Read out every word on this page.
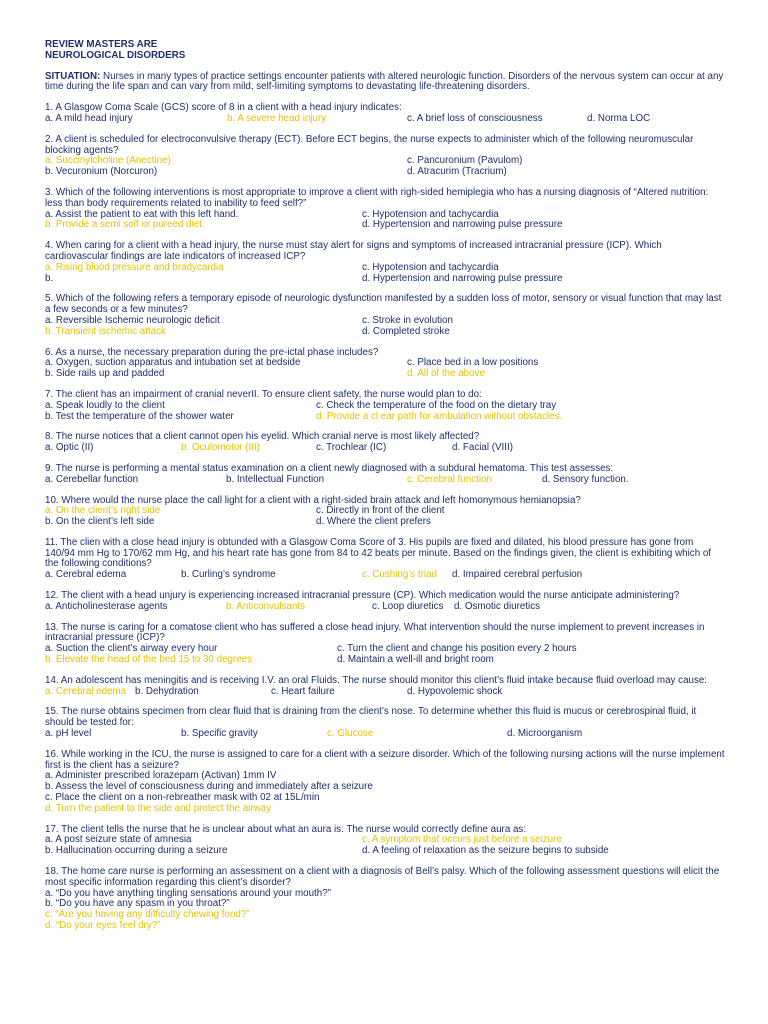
REVIEW MASTERS ARE
NEUROLOGICAL DISORDERS
SITUATION: Nurses in many types of practice settings encounter patients with altered neurologic function. Disorders of the nervous system can occur at any time during the life span and can vary from mild, self-limiting symptoms to devastating life-threatening disorders.
1. A Glasgow Coma Scale (GCS) score of 8 in a client with a head injury indicates:
a. A mild head injury	b. A severe head injury	c. A brief loss of consciousness	d. Norma LOC
2. A client is scheduled for electroconvulsive therapy (ECT). Before ECT begins, the nurse expects to administer which of the following neuromuscular blocking agents?
a. Succinylcholine (Anectine)	c. Pancuronium (Pavulom)
b. Vecuronium (Norcuron)	d. Atracurim (Tracrium)
3. Which of the following interventions is most appropriate to improve a client with righ-sided hemiplegia who has a nursing diagnosis of “Altered nutrition: less than body requirements related to inability to feed self?”
a. Assist the patient to eat with this left hand.	c. Hypotension and tachycardia
b. Provide a semi solf or pureed diet.	d. Hypertension and narrowing pulse pressure
4. When caring for a client with a head injury, the nurse must stay alert for signs and symptoms of increased intracranial pressure (ICP). Which cardiovascular findings are late indicators of increased ICP?
a. Rising blood pressure and bradycardia	c. Hypotension and tachycardia
b.	d. Hypertension and narrowing pulse pressure
5. Which of the following refers a temporary episode of neurologic dysfunction manifested by a sudden loss of motor, sensory or visual function that may last a few seconds or a few minutes?
a. Reversible Ischemic neurologic deficit	c. Stroke in evolution
b. Transient ischemic attack	d. Completed stroke
6. As a nurse, the necessary preparation during the pre-ictal phase includes?
a. Oxygen, suction apparatus and intubation set at bedside	c. Place bed in a low positions
b. Side rails up and padded	d. All of the above
7. The client has an impairment of cranial neverII. To ensure client safety, the nurse would plan to do:
a. Speak loudly to the client	c. Check the temperature of the food on the dietary tray
b. Test the temperature of the shower water	d. Provide a cl ear path for ambulation without obstacles.
8. The nurse notices that a client cannot open his eyelid. Which cranial nerve is most likely affected?
a. Optic (II)	b. Oculomotor (III)	c. Trochlear (IC)	d. Facial (VIII)
9. The nurse is performing a mental status examination on a client newly diagnosed with a subdural hematoma. This test assesses:
a. Cerebellar function	b. Intellectual Function	c. Cerebral function	d. Sensory function.
10. Where would the nurse place the call light for a client with a right-sided brain attack and left homonymous hemianopsia?
a. On the client’s right side	c. Directly in front of the client
b. On the client’s left side	d. Where the client prefers
11. The clien with a close head injury is obtunded with a Glasgow Coma Score of 3. His pupils are fixed and dilated, his blood pressure has gone from 140/94 mm Hg to 170/62 mm Hg, and his heart rate has gone from 84 to 42 beats per minute. Based on the findings given, the client is exhibiting which of the following conditions?
a. Cerebral edema	b. Curling’s syndrome	c. Cushing’s triad	d. Impaired cerebral perfusion
12. The client with a head unjury is experiencing increased intracranial pressure (CP). Which medication would the nurse anticipate administering?
a. Anticholinesterase agents	b. Anticonvulsants	c. Loop diuretics	d. Osmotic diuretics
13. The nurse is caring for a comatose client who has suffered a close head injury. What intervention should the nurse implement to prevent increases in intracranial pressure (ICP)?
a. Suction the client’s airway every hour	c. Turn the client and change his position every 2 hours
b. Elevate the head of the bed 15 to 30 degrees	d. Maintain a well-ill and bright room
14. An adolescent has meningitis and is receiving I.V. an oral Fluids. The nurse should monitor this client’s fluid intake because fluid overload may cause:
a. Cerebral edema b. Dehydration	c. Heart failure	d. Hypovolemic shock
15. The nurse obtains specimen from clear fluid that is draining from the client’s nose. To determine whether this fluid is mucus or cerebrospinal fluid, it should be tested for:
a. pH level	b. Specific gravity	c. Glucose	d. Microorganism
16. While working in the ICU, the nurse is assigned to care for a client with a seizure disorder. Which of the following nursing actions will the nurse implement first is the client has a seizure?
a. Administer prescribed lorazepam (Activan) 1mm IV
b. Assess the level of consciousness during and immediately after a seizure
c. Place the client on a non-rebreather mask with 02 at 15L/min
d. Turn the patient to the side and protect the airway
17. The client tells the nurse that he is unclear about what an aura is. The nurse would correctly define aura as:
a. A post seizure state of amnesia	c. A symptom that occurs just before a seizure
b. Hallucination occurring during a seizure	d. A feeling of relaxation as the seizure begins to subside
18. The home care nurse is performing an assessment on a client with a diagnosis of Bell’s palsy. Which of the following assessment questions will elicit the most specific information regarding this client’s disorder?
a. “Do you have anything tingling sensations around your mouth?”
b. “Do you have any spasm in you throat?”
c. “Are you having any difficulty chewing food?”
d. “Do your eyes feel dry?”
